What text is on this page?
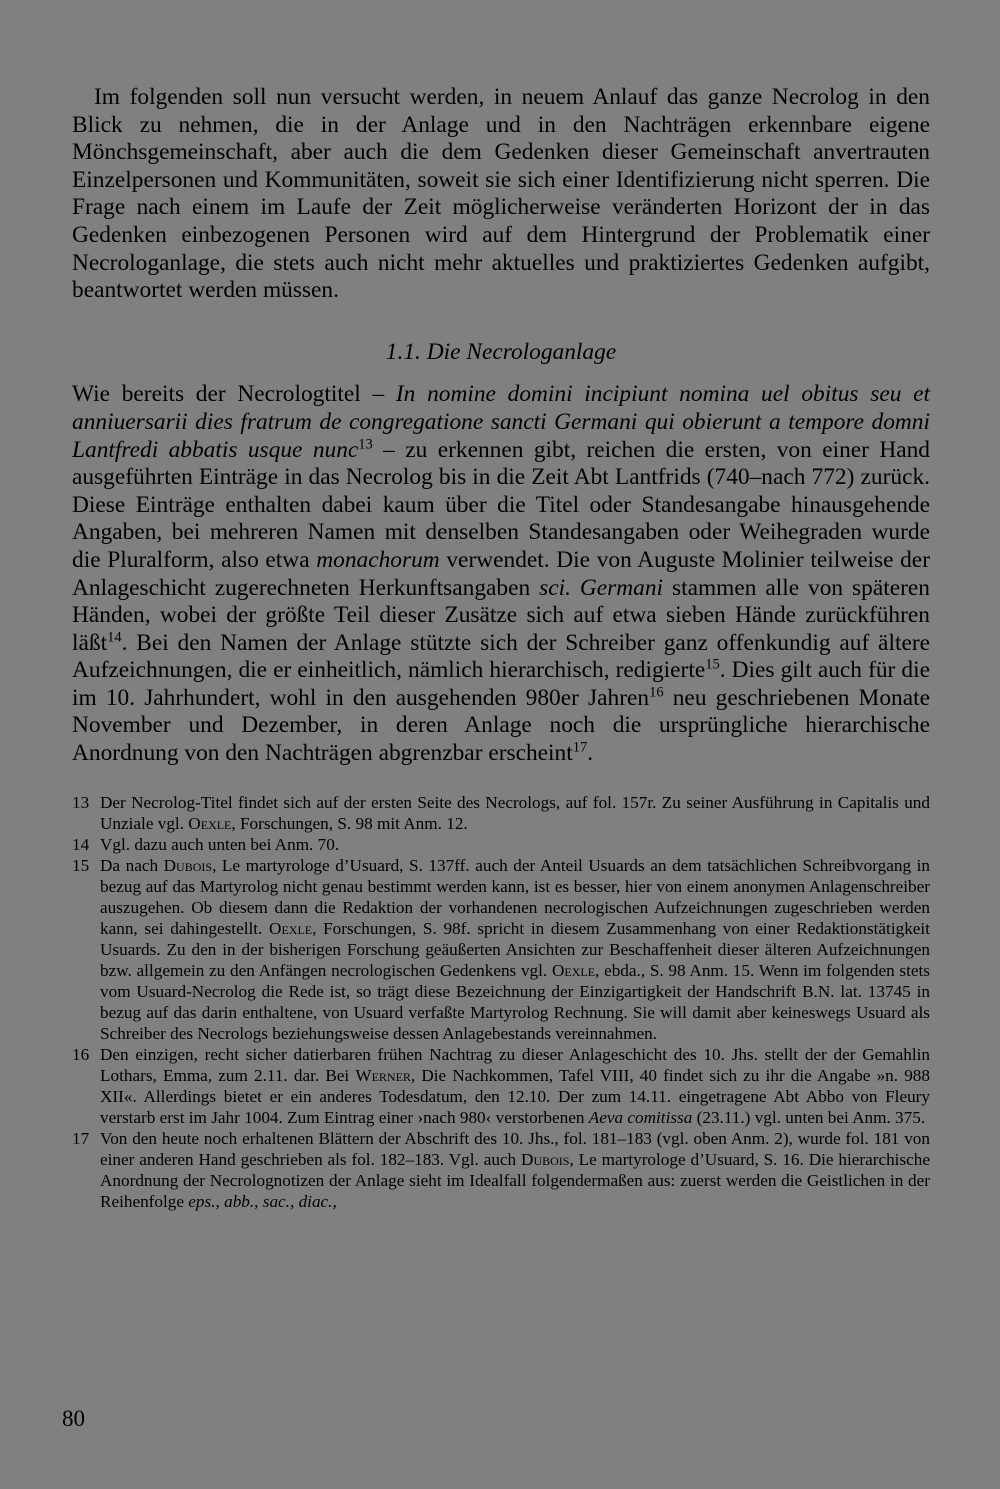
Im folgenden soll nun versucht werden, in neuem Anlauf das ganze Necrolog in den Blick zu nehmen, die in der Anlage und in den Nachträgen erkennbare eigene Mönchsgemeinschaft, aber auch die dem Gedenken dieser Gemeinschaft anvertrauten Einzelpersonen und Kommunitäten, soweit sie sich einer Identifizierung nicht sperren. Die Frage nach einem im Laufe der Zeit möglicherweise veränderten Horizont der in das Gedenken einbezogenen Personen wird auf dem Hintergrund der Problematik einer Necrologanlage, die stets auch nicht mehr aktuelles und praktiziertes Gedenken aufgibt, beantwortet werden müssen.

1.1. Die Necrologanlage

Wie bereits der Necrologtitel – In nomine domini incipiunt nomina uel obitus seu et anniuersarii dies fratrum de congregatione sancti Germani qui obierunt a tempore domni Lantfredi abbatis usque nunc$^{13}$ – zu erkennen gibt, reichen die ersten, von einer Hand ausgeführten Einträge in das Necrolog bis in die Zeit Abt Lantfrids (740–nach 772) zurück. Diese Einträge enthalten dabei kaum über die Titel oder Standesangabe hinausgehende Angaben, bei mehreren Namen mit denselben Standesangaben oder Weihegraden wurde die Pluralform, also etwa monachorum verwendet. Die von Auguste Molinier teilweise der Anlageschicht zugerechneten Herkunftsangaben sci. Germani stammen alle von späteren Händen, wobei der größte Teil dieser Zusätze sich auf etwa sieben Hände zurückführen läßt$^{14}$. Bei den Namen der Anlage stützte sich der Schreiber ganz offenkundig auf ältere Aufzeichnungen, die er einheitlich, nämlich hierarchisch, redigierte$^{15}$. Dies gilt auch für die im 10. Jahrhundert, wohl in den ausgehenden 980er Jahren$^{16}$ neu geschriebenen Monate November und Dezember, in deren Anlage noch die ursprüngliche hierarchische Anordnung von den Nachträgen abgrenzbar erscheint$^{17}$.

13 Der Necrolog-Titel findet sich auf der ersten Seite des Necrologs, auf fol. 157r. Zu seiner Ausführung in Capitalis und Unziale vgl. Oexle, Forschungen, S. 98 mit Anm. 12.
14 Vgl. dazu auch unten bei Anm. 70.
15 Da nach Dubois, Le martyrologe d’Usuard, S. 137ff. auch der Anteil Usuards an dem tatsächlichen Schreibvorgang in bezug auf das Martyrolog nicht genau bestimmt werden kann, ist es besser, hier von einem anonymen Anlagenschreiber auszugehen. Ob diesem dann die Redaktion der vorhandenen necrologischen Aufzeichnungen zugeschrieben werden kann, sei dahingestellt. Oexle, Forschungen, S. 98f. spricht in diesem Zusammenhang von einer Redaktionstätigkeit Usuards. Zu den in der bisherigen Forschung geäußerten Ansichten zur Beschaffenheit dieser älteren Aufzeichnungen bzw. allgemein zu den Anfängen necrologischen Gedenkens vgl. Oexle, ebda., S. 98 Anm. 15. Wenn im folgenden stets vom Usuard-Necrolog die Rede ist, so trägt diese Bezeichnung der Einzigartigkeit der Handschrift B.N. lat. 13745 in bezug auf das darin enthaltene, von Usuard verfaßte Martyrolog Rechnung. Sie will damit aber keineswegs Usuard als Schreiber des Necrologs beziehungsweise dessen Anlagebestands vereinnahmen.
16 Den einzigen, recht sicher datierbaren frühen Nachtrag zu dieser Anlageschicht des 10. Jhs. stellt der der Gemahlin Lothars, Emma, zum 2.11. dar. Bei Werner, Die Nachkommen, Tafel VIII, 40 findet sich zu ihr die Angabe »n. 988 XII«. Allerdings bietet er ein anderes Todesdatum, den 12.10. Der zum 14.11. eingetragene Abt Abbo von Fleury verstarb erst im Jahr 1004. Zum Eintrag einer ›nach 980‹ verstorbenen Aeva comitissa (23.11.) vgl. unten bei Anm. 375.
17 Von den heute noch erhaltenen Blättern der Abschrift des 10. Jhs., fol. 181–183 (vgl. oben Anm. 2), wurde fol. 181 von einer anderen Hand geschrieben als fol. 182–183. Vgl. auch Dubois, Le martyrologe d’Usuard, S. 16. Die hierarchische Anordnung der Necrolognotizen der Anlage sieht im Idealfall folgendermaßen aus: zuerst werden die Geistlichen in der Reihenfolge eps., abb., sac., diac.,
80
